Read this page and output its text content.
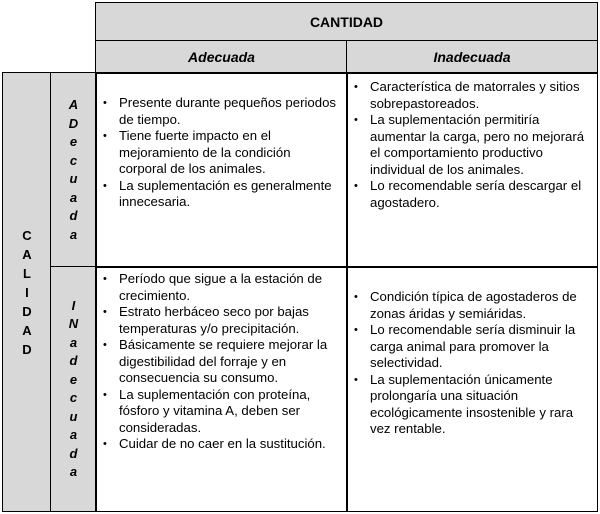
CANTIDAD
Adecuada	Inadecuada
C
A
L
I
D
A
D
A
D
e
c
u
a
d
a
I
N
a
d
e
c
u
a
d
a
• Presente durante pequeños periodos de tiempo.
• Tiene fuerte impacto en el mejoramiento de la condición corporal de los animales.
• La suplementación es generalmente innecesaria.
• Característica de matorrales y sitios sobrepastoreados.
• La suplementación permitiría aumentar la carga, pero no mejorará el comportamiento productivo individual de los animales.
• Lo recomendable sería descargar el agostadero.
• Período que sigue a la estación de crecimiento.
• Estrato herbáceo seco por bajas temperaturas y/o precipitación.
• Básicamente se requiere mejorar la digestibilidad del forraje y en consecuencia su consumo.
• La suplementación con proteína, fósforo y vitamina A, deben ser consideradas.
• Cuidar de no caer en la sustitución.
• Condición típica de agostaderos de zonas áridas y semiáridas.
• Lo recomendable sería disminuir la carga animal para promover la selectividad.
• La suplementación únicamente prolongaría una situación ecológicamente insostenible y rara vez rentable.
